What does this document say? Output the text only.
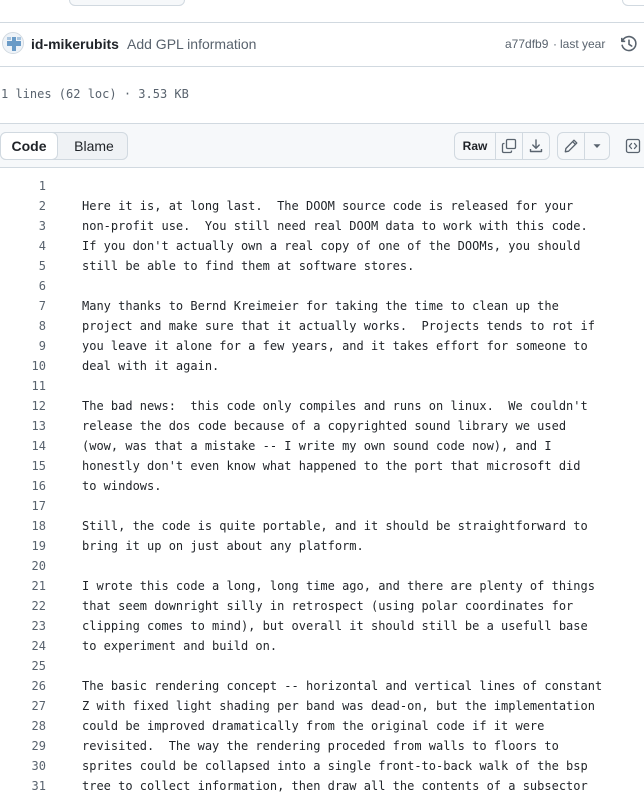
id-mikerubits Add GPL information	a77dfb9 · last year
1 lines (62 loc) · 3.53 KB
Code	Blame	Raw
1
2	Here it is, at long last.  The DOOM source code is released for your
3	non-profit use.  You still need real DOOM data to work with this code.
4	If you don't actually own a real copy of one of the DOOMs, you should
5	still be able to find them at software stores.
6
7	Many thanks to Bernd Kreimeier for taking the time to clean up the
8	project and make sure that it actually works.  Projects tends to rot if
9	you leave it alone for a few years, and it takes effort for someone to
10	deal with it again.
11
12	The bad news:  this code only compiles and runs on linux.  We couldn't
13	release the dos code because of a copyrighted sound library we used
14	(wow, was that a mistake -- I write my own sound code now), and I
15	honestly don't even know what happened to the port that microsoft did
16	to windows.
17
18	Still, the code is quite portable, and it should be straightforward to
19	bring it up on just about any platform.
20
21	I wrote this code a long, long time ago, and there are plenty of things
22	that seem downright silly in retrospect (using polar coordinates for
23	clipping comes to mind), but overall it should still be a usefull base
24	to experiment and build on.
25
26	The basic rendering concept -- horizontal and vertical lines of constant
27	Z with fixed light shading per band was dead-on, but the implementation
28	could be improved dramatically from the original code if it were
29	revisited.  The way the rendering proceded from walls to floors to
30	sprites could be collapsed into a single front-to-back walk of the bsp
31	tree to collect information, then draw all the contents of a subsector
